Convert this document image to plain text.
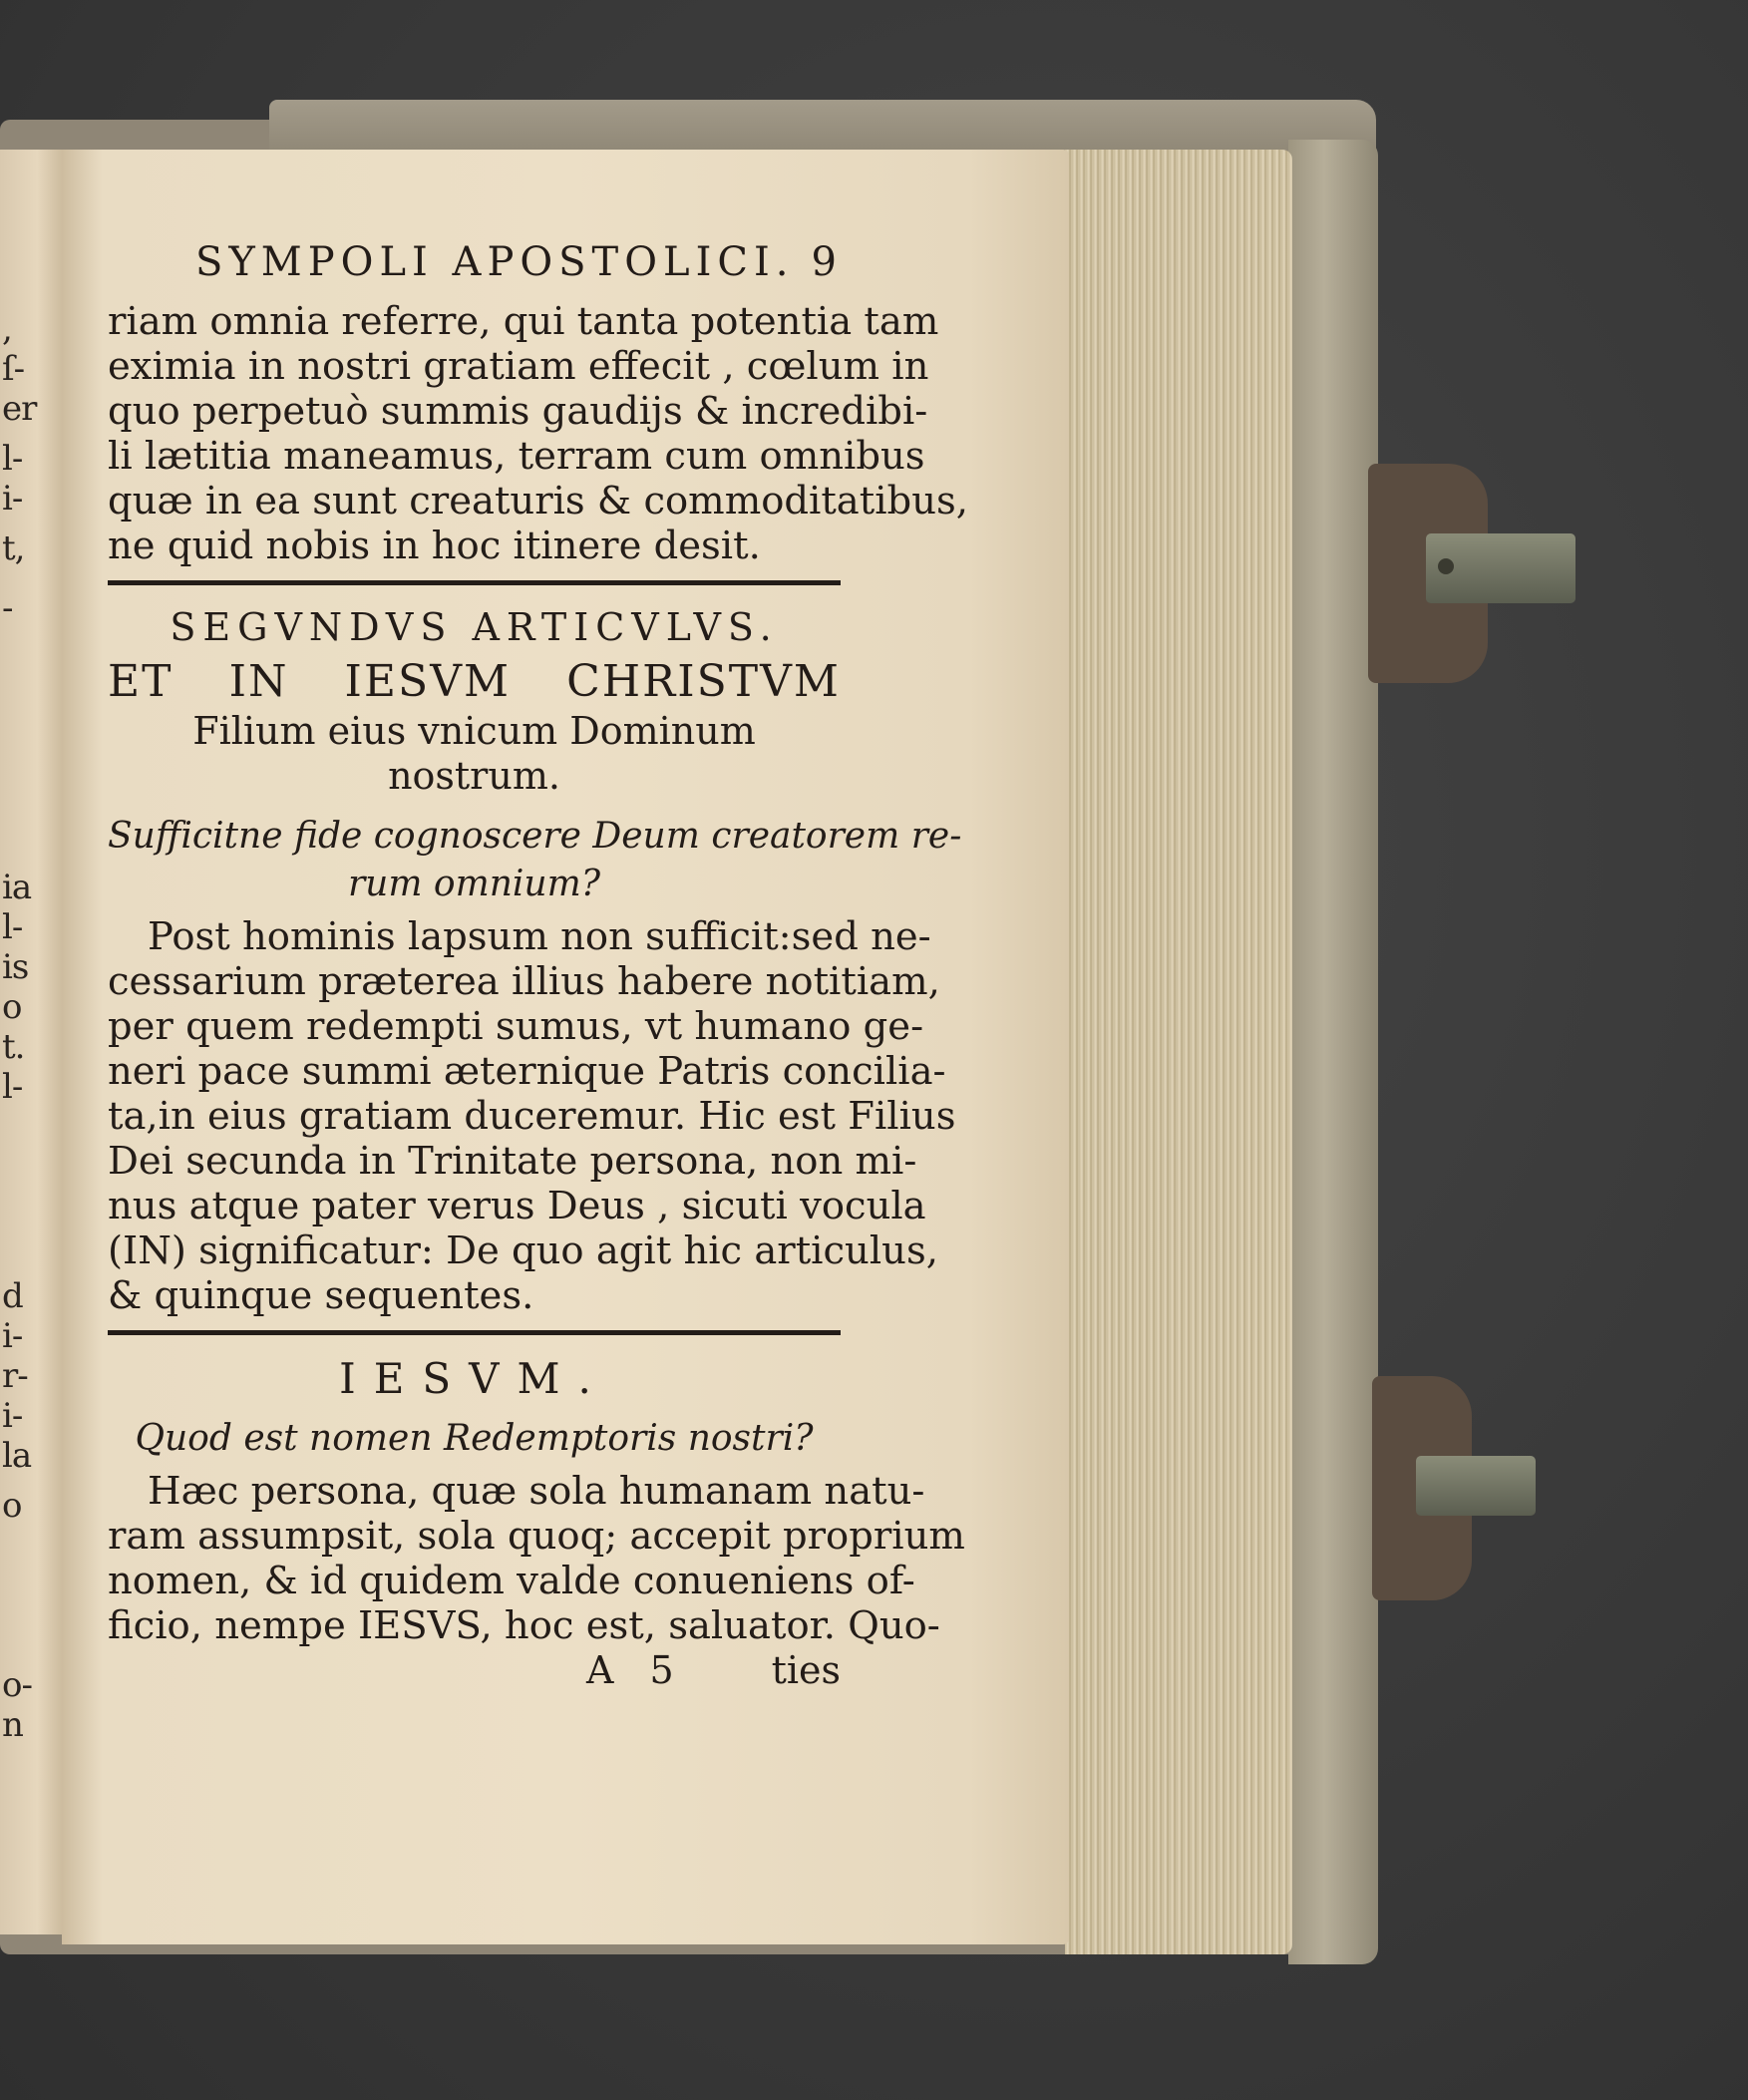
,
ſ-
er
l-
i-
t,
-
ia
l-
is
o
t.
l-
d
i-
r-
i-
la
o
o-
n
SYMPOLI APOSTOLICI. 9
riam omnia referre, qui tanta potentia tam
eximia in nostri gratiam effecit , cœlum in
quo perpetuò summis gaudijs & incredibi-
li lætitia maneamus, terram cum omnibus
quæ in ea sunt creaturis & commoditatibus,
ne quid nobis in hoc itinere desit.
SEGVNDVS ARTICVLVS.
ET IN IESVM CHRISTVM
Filium eius vnicum Dominum
nostrum.
Sufficitne fide cognoscere Deum creatorem re-
rum omnium?
Post hominis lapsum non sufficit:sed ne-
cessarium præterea illius habere notitiam,
per quem redempti sumus, vt humano ge-
neri pace summi æternique Patris concilia-
ta,in eius gratiam duceremur. Hic est Filius
Dei secunda in Trinitate persona, non mi-
nus atque pater verus Deus , sicuti vocula
(IN) significatur: De quo agit hic articulus,
& quinque sequentes.
IESVM.
Quod est nomen Redemptoris nostri?
Hæc persona, quæ sola humanam natu-
ram assumpsit, sola quoq; accepit proprium
nomen, & id quidem valde conueniens of-
ficio, nempe IESVS, hoc est, saluator. Quo-
A 5 ties
